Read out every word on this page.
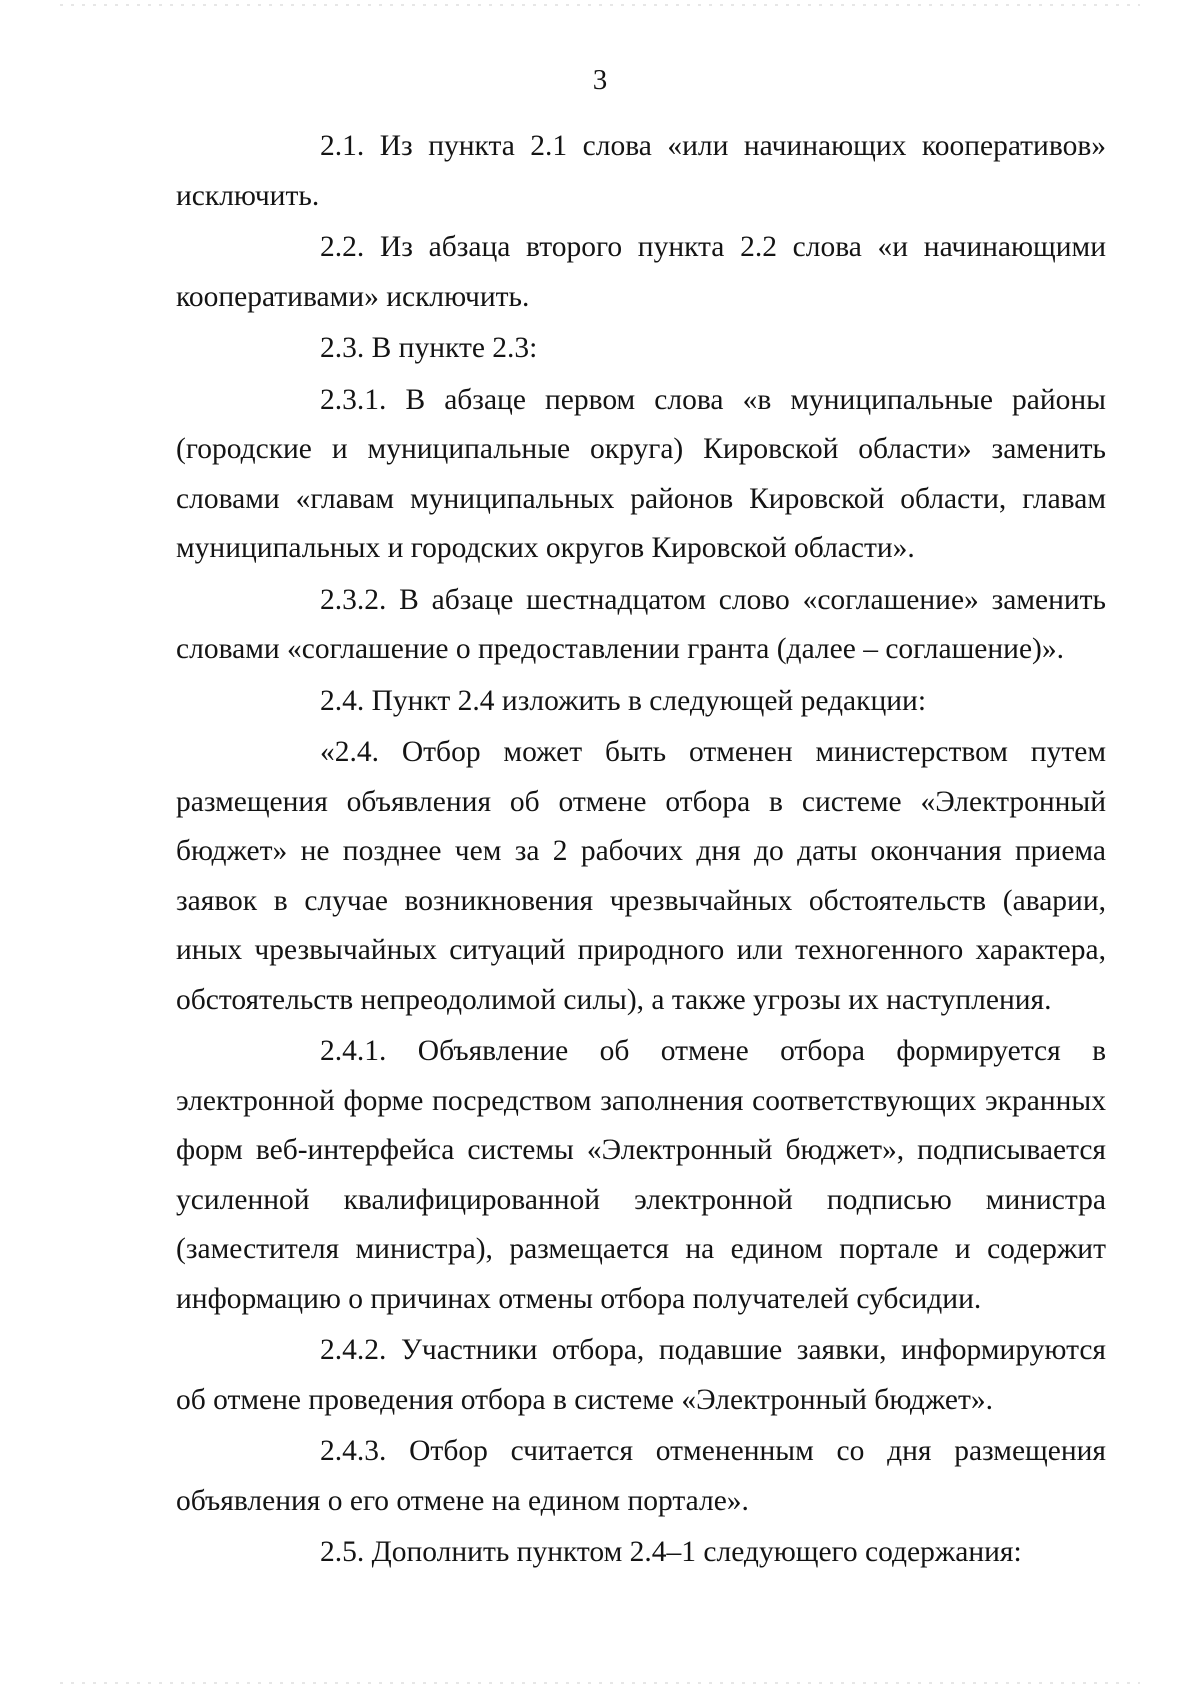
3

2.1. Из пункта 2.1 слова «или начинающих кооперативов» исключить.

2.2. Из абзаца второго пункта 2.2 слова «и начинающими кооперативами» исключить.

2.3. В пункте 2.3:

2.3.1. В абзаце первом слова «в муниципальные районы (городские и муниципальные округа) Кировской области» заменить словами «главам муниципальных районов Кировской области, главам муниципальных и городских округов Кировской области».

2.3.2. В абзаце шестнадцатом слово «соглашение» заменить словами «соглашение о предоставлении гранта (далее – соглашение)».

2.4. Пункт 2.4 изложить в следующей редакции:

«2.4. Отбор может быть отменен министерством путем размещения объявления об отмене отбора в системе «Электронный бюджет» не позднее чем за 2 рабочих дня до даты окончания приема заявок в случае возникновения чрезвычайных обстоятельств (аварии, иных чрезвычайных ситуаций природного или техногенного характера, обстоятельств непреодолимой силы), а также угрозы их наступления.

2.4.1. Объявление об отмене отбора формируется в электронной форме посредством заполнения соответствующих экранных форм веб-интерфейса системы «Электронный бюджет», подписывается усиленной квалифицированной электронной подписью министра (заместителя министра), размещается на едином портале и содержит информацию о причинах отмены отбора получателей субсидии.

2.4.2. Участники отбора, подавшие заявки, информируются об отмене проведения отбора в системе «Электронный бюджет».

2.4.3. Отбор считается отмененным со дня размещения объявления о его отмене на едином портале».

2.5. Дополнить пунктом 2.4–1 следующего содержания:
